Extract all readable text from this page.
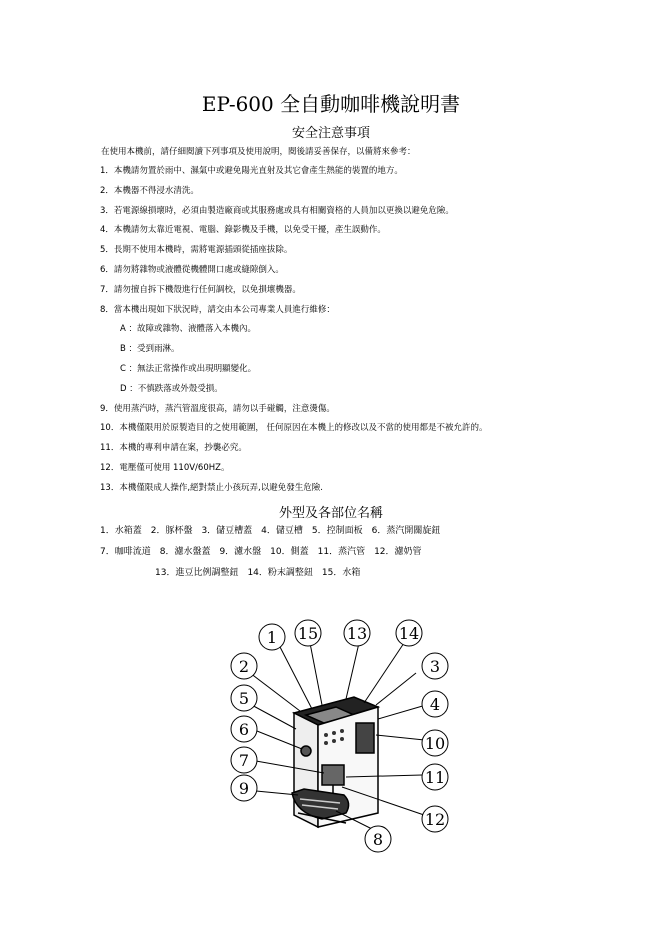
EP-600 全自動咖啡機說明書
安全注意事項
在使用本機前，請仔細閱讀下列事項及使用說明，閱後請妥善保存，以備將來參考：
1．本機請勿置於雨中、濕氣中或避免陽光直射及其它會產生熱能的裝置的地方。
2．本機器不得浸水清洗。
3．若電源線損壞時，必須由製造廠商或其服務處或具有相關資格的人員加以更換以避免危險。
4．本機請勿太靠近電視、電腦、錄影機及手機，以免受干擾，產生誤動作。
5．長期不使用本機時，需將電源插頭從插座拔除。
6．請勿將雜物或液體從機體開口處或縫隙倒入。
7．請勿擅自拆下機殼進行任何調校，以免損壞機器。
8．當本機出現如下狀況時，請交由本公司專業人員進行維修：
A ：故障或雜物、液體落入本機內。
B ：受到雨淋。
C ：無法正常操作或出現明顯變化。
D ：不慎跌落或外殼受損。
9．使用蒸汽時，蒸汽管溫度很高，請勿以手碰觸，注意燙傷。
10．本機僅限用於原製造目的之使用範圍， 任何原因在本機上的修改以及不當的使用都是不被允許的。
11．本機的專利申請在案，抄襲必究。
12．電壓僅可使用 110V/60HZ。
13．本機僅限成人操作,絕對禁止小孩玩弄,以避免發生危險.
外型及各部位名稱
1．水箱蓋　2．豚杯盤　3．儲豆槽蓋　4．儲豆槽　5．控制面板　6．蒸汽開關旋鈕
7．咖啡流道　8．濾水盤蓋　9．濾水盤　10．側蓋　11．蒸汽管　12．濾奶管
13．進豆比例調整鈕　14．粉末調整鈕　15．水箱
1 15 13 14
2	3
5	4
6
10
7
11
9
12
8
